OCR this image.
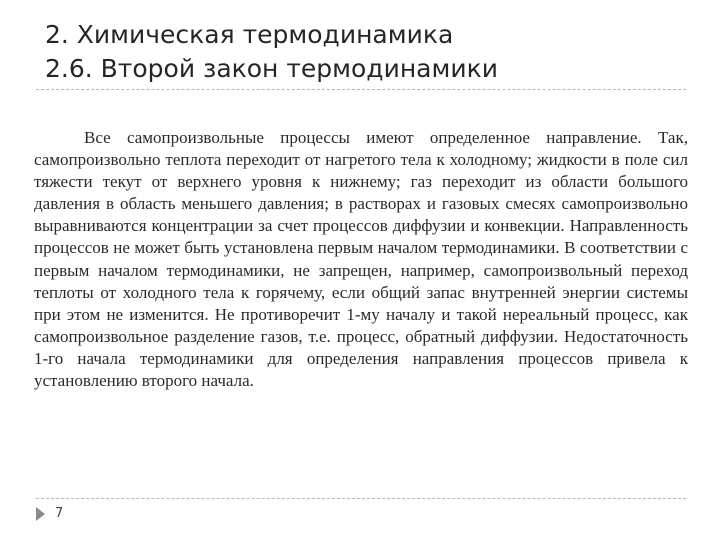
2. Химическая термодинамика
2.6. Второй закон термодинамики

Все самопроизвольные процессы имеют определенное направление. Так, самопроизвольно теплота переходит от нагретого тела к холодному; жидкости в поле сил тяжести текут от верхнего уровня к нижнему; газ переходит из области большого давления в область меньшего давления; в растворах и газовых смесях самопроизвольно выравниваются концентрации за счет процессов диффузии и конвекции. Направленность процессов не может быть установлена первым началом термодинамики. В соответствии с первым началом термодинамики, не запрещен, например, самопроизвольный переход теплоты от холодного тела к горячему, если общий запас внутренней энергии системы при этом не изменится. Не противоречит 1-му началу и такой нереальный процесс, как самопроизвольное разделение газов, т.е. процесс, обратный диффузии. Недостаточность 1-го начала термодинамики для определения направления процессов привела к установлению второго начала.

7
